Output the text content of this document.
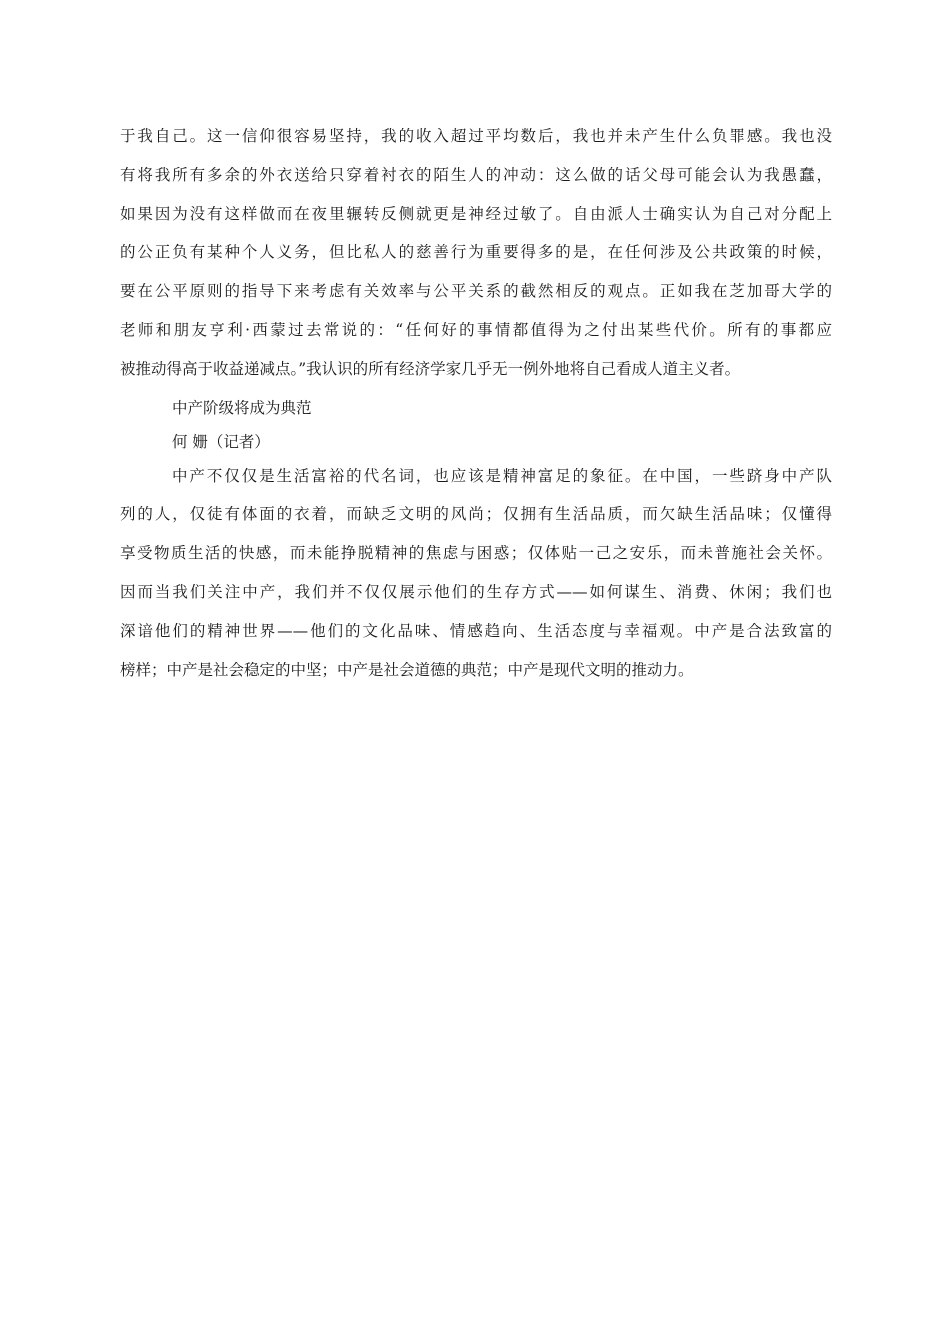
于我自己。这一信仰很容易坚持，我的收入超过平均数后，我也并未产生什么负罪感。我也没
有将我所有多余的外衣送给只穿着衬衣的陌生人的冲动：这么做的话父母可能会认为我愚蠢，
如果因为没有这样做而在夜里辗转反侧就更是神经过敏了。自由派人士确实认为自己对分配上
的公正负有某种个人义务，但比私人的慈善行为重要得多的是，在任何涉及公共政策的时候，
要在公平原则的指导下来考虑有关效率与公平关系的截然相反的观点。正如我在芝加哥大学的
老师和朋友亨利·西蒙过去常说的：“任何好的事情都值得为之付出某些代价。所有的事都应
被推动得高于收益递减点。”我认识的所有经济学家几乎无一例外地将自己看成人道主义者。
中产阶级将成为典范
何 姗（记者）
中产不仅仅是生活富裕的代名词，也应该是精神富足的象征。在中国，一些跻身中产队
列的人，仅徒有体面的衣着，而缺乏文明的风尚；仅拥有生活品质，而欠缺生活品味；仅懂得
享受物质生活的快感，而未能挣脱精神的焦虑与困惑；仅体贴一己之安乐，而未普施社会关怀。
因而当我们关注中产，我们并不仅仅展示他们的生存方式——如何谋生、消费、休闲；我们也
深谙他们的精神世界——他们的文化品味、情感趋向、生活态度与幸福观。中产是合法致富的
榜样；中产是社会稳定的中坚；中产是社会道德的典范；中产是现代文明的推动力。
